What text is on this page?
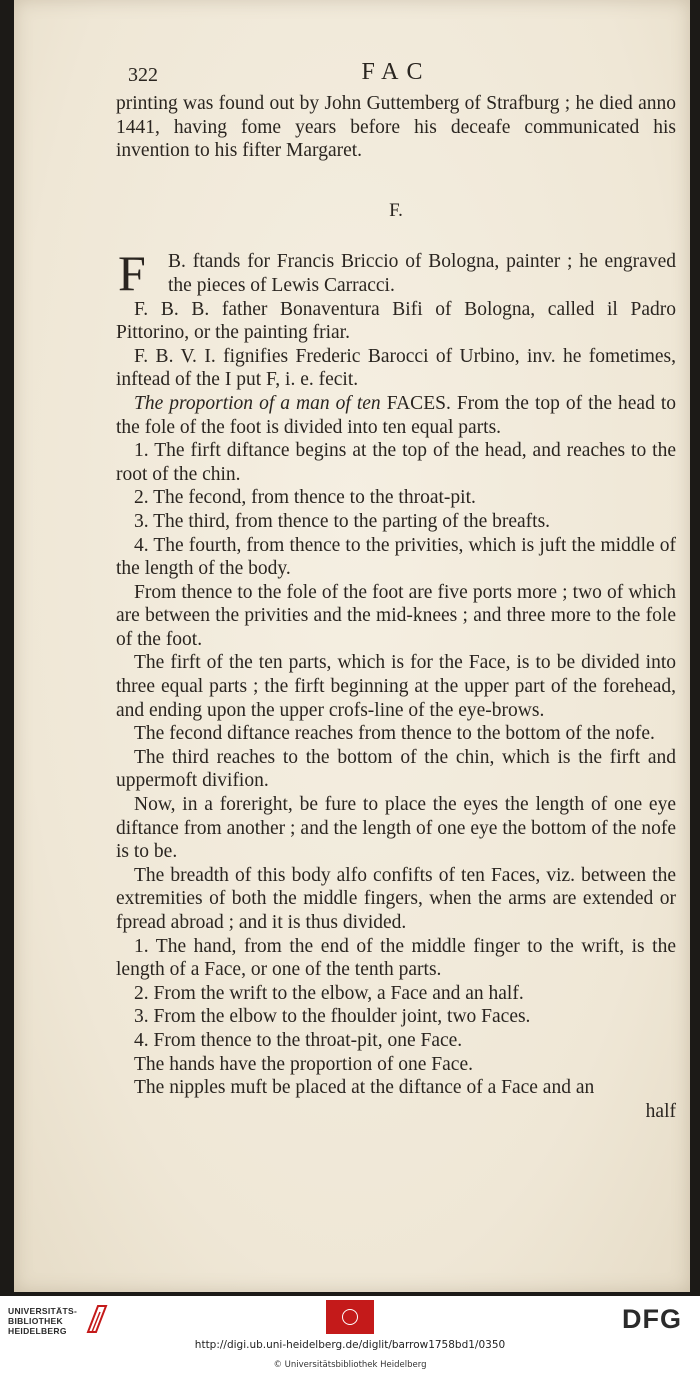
322	FAC

printing was found out by John Guttemberg of Strafburg ; he died anno 1441, having fome years before his deceafe communicated his invention to his fifter Margaret.

F.

F B. ftands for Francis Briccio of Bologna, painter ; he engraved the pieces of Lewis Carracci.

F. B. B. father Bonaventura Bifi of Bologna, called il Padro Pittorino, or the painting friar.

F. B. V. I. fignifies Frederic Barocci of Urbino, inv. he fometimes, inftead of the I put F, i. e. fecit.

The proportion of a man of ten FACES. From the top of the head to the fole of the foot is divided into ten equal parts.

1. The firft diftance begins at the top of the head, and reaches to the root of the chin.

2. The fecond, from thence to the throat-pit.

3. The third, from thence to the parting of the breafts.

4. The fourth, from thence to the privities, which is juft the middle of the length of the body.

From thence to the fole of the foot are five ports more ; two of which are between the privities and the mid-knees ; and three more to the fole of the foot.

The firft of the ten parts, which is for the Face, is to be divided into three equal parts ; the firft beginning at the upper part of the forehead, and ending upon the upper crofs-line of the eye-brows.

The fecond diftance reaches from thence to the bottom of the nofe.

The third reaches to the bottom of the chin, which is the firft and uppermoft divifion.

Now, in a foreright, be fure to place the eyes the length of one eye diftance from another ; and the length of one eye the bottom of the nofe is to be.

The breadth of this body alfo confifts of ten Faces, viz. between the extremities of both the middle fingers, when the arms are extended or fpread abroad ; and it is thus divided.

1. The hand, from the end of the middle finger to the wrift, is the length of a Face, or one of the tenth parts.

2. From the wrift to the elbow, a Face and an half.

3. From the elbow to the fhoulder joint, two Faces.

4. From thence to the throat-pit, one Face.

The hands have the proportion of one Face.

The nipples muft be placed at the diftance of a Face and an

half

UNIVERSITÄTS-
BIBLIOTHEK
HEIDELBERG	DFG
http://digi.ub.uni-heidelberg.de/diglit/barrow1758bd1/0350
© Universitätsbibliothek Heidelberg
